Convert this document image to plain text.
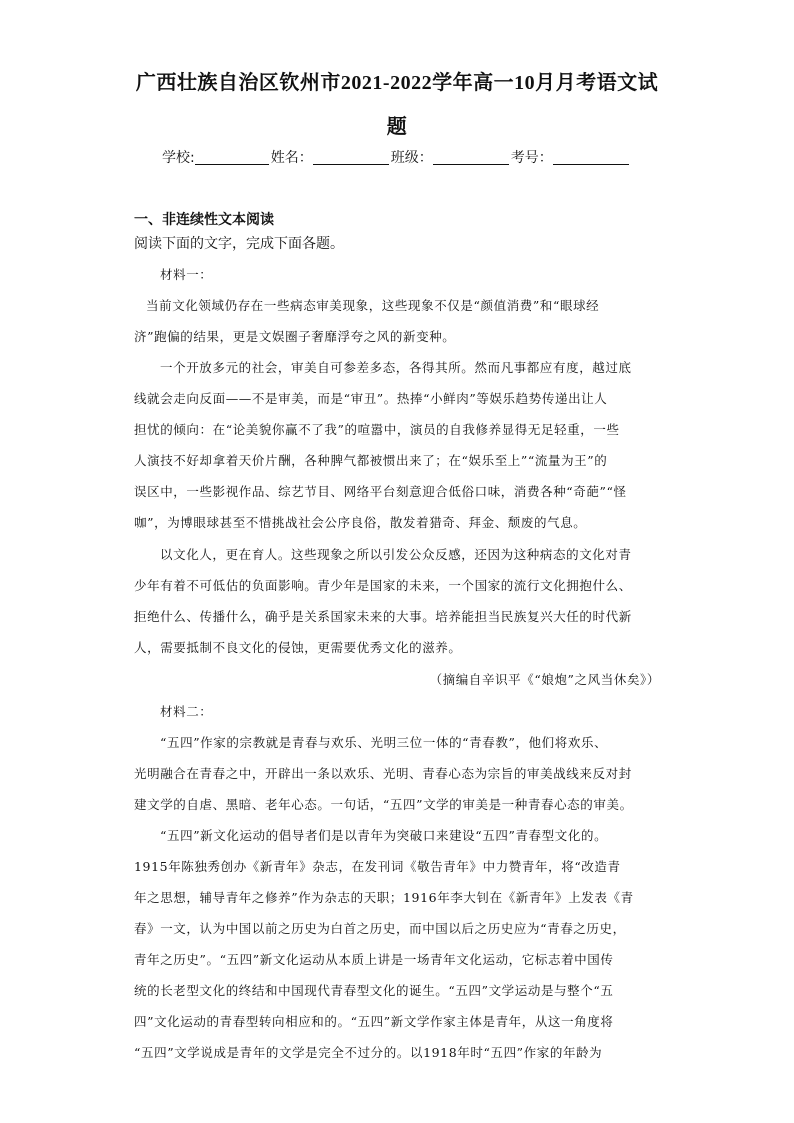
广西壮族自治区钦州市2021-2022学年高一10月月考语文试
题
学校:	姓名：	班级：	考号：
一、非连续性文本阅读
阅读下面的文字，完成下面各题。
材料一：
当前文化领域仍存在一些病态审美现象，这些现象不仅是“颜值消费”和“眼球经
济”跑偏的结果，更是文娱圈子奢靡浮夸之风的新变种。
一个开放多元的社会，审美自可参差多态，各得其所。然而凡事都应有度，越过底
线就会走向反面——不是审美，而是“审丑”。热捧“小鲜肉”等娱乐趋势传递出让人
担忧的倾向：在“论美貌你赢不了我”的喧嚣中，演员的自我修养显得无足轻重，一些
人演技不好却拿着天价片酬，各种脾气都被惯出来了；在“娱乐至上”“流量为王”的
误区中，一些影视作品、综艺节目、网络平台刻意迎合低俗口味，消费各种“奇葩”“怪
咖”，为博眼球甚至不惜挑战社会公序良俗，散发着猎奇、拜金、颓废的气息。
以文化人，更在育人。这些现象之所以引发公众反感，还因为这种病态的文化对青
少年有着不可低估的负面影响。青少年是国家的未来，一个国家的流行文化拥抱什么、
拒绝什么、传播什么，确乎是关系国家未来的大事。培养能担当民族复兴大任的时代新
人，需要抵制不良文化的侵蚀，更需要优秀文化的滋养。
（摘编自辛识平《“娘炮”之风当休矣》）
材料二：
“五四”作家的宗教就是青春与欢乐、光明三位一体的“青春教”，他们将欢乐、
光明融合在青春之中，开辟出一条以欢乐、光明、青春心态为宗旨的审美战线来反对封
建文学的自虐、黑暗、老年心态。一句话，“五四”文学的审美是一种青春心态的审美。
“五四”新文化运动的倡导者们是以青年为突破口来建设“五四”青春型文化的。
1915年陈独秀创办《新青年》杂志，在发刊词《敬告青年》中力赞青年，将“改造青
年之思想，辅导青年之修养”作为杂志的天职；1916年李大钊在《新青年》上发表《青
春》一文，认为中国以前之历史为白首之历史，而中国以后之历史应为“青春之历史，
青年之历史”。“五四”新文化运动从本质上讲是一场青年文化运动，它标志着中国传
统的长老型文化的终结和中国现代青春型文化的诞生。“五四”文学运动是与整个“五
四”文化运动的青春型转向相应和的。“五四”新文学作家主体是青年，从这一角度将
“五四”文学说成是青年的文学是完全不过分的。以1918年时“五四”作家的年龄为
